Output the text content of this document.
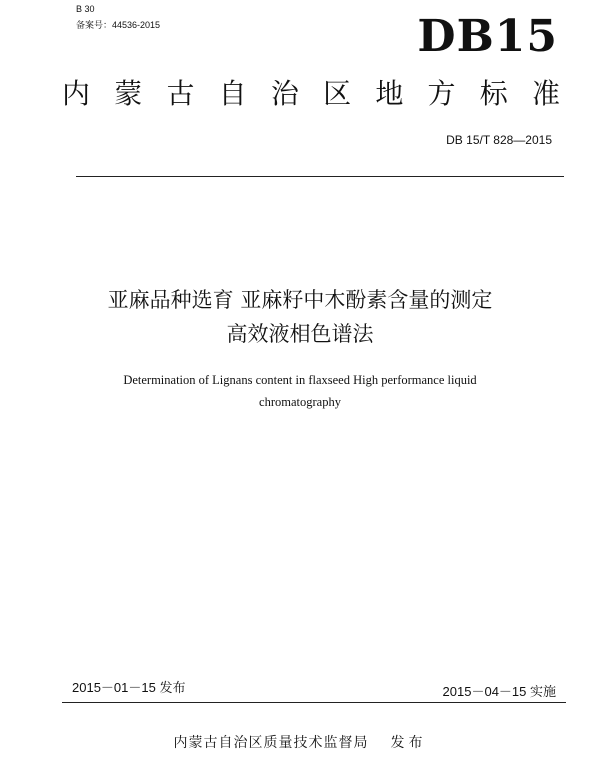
B 30
备案号：44536-2015	DB15
内 蒙 古 自 治 区 地 方 标 准
DB 15/T 828—2015
亚麻品种选育 亚麻籽中木酚素含量的测定
高效液相色谱法
Determination of Lignans content in flaxseed High performance liquid
chromatography
2015－01－15 发布	2015－04－15 实施
内蒙古自治区质量技术监督局 发布
